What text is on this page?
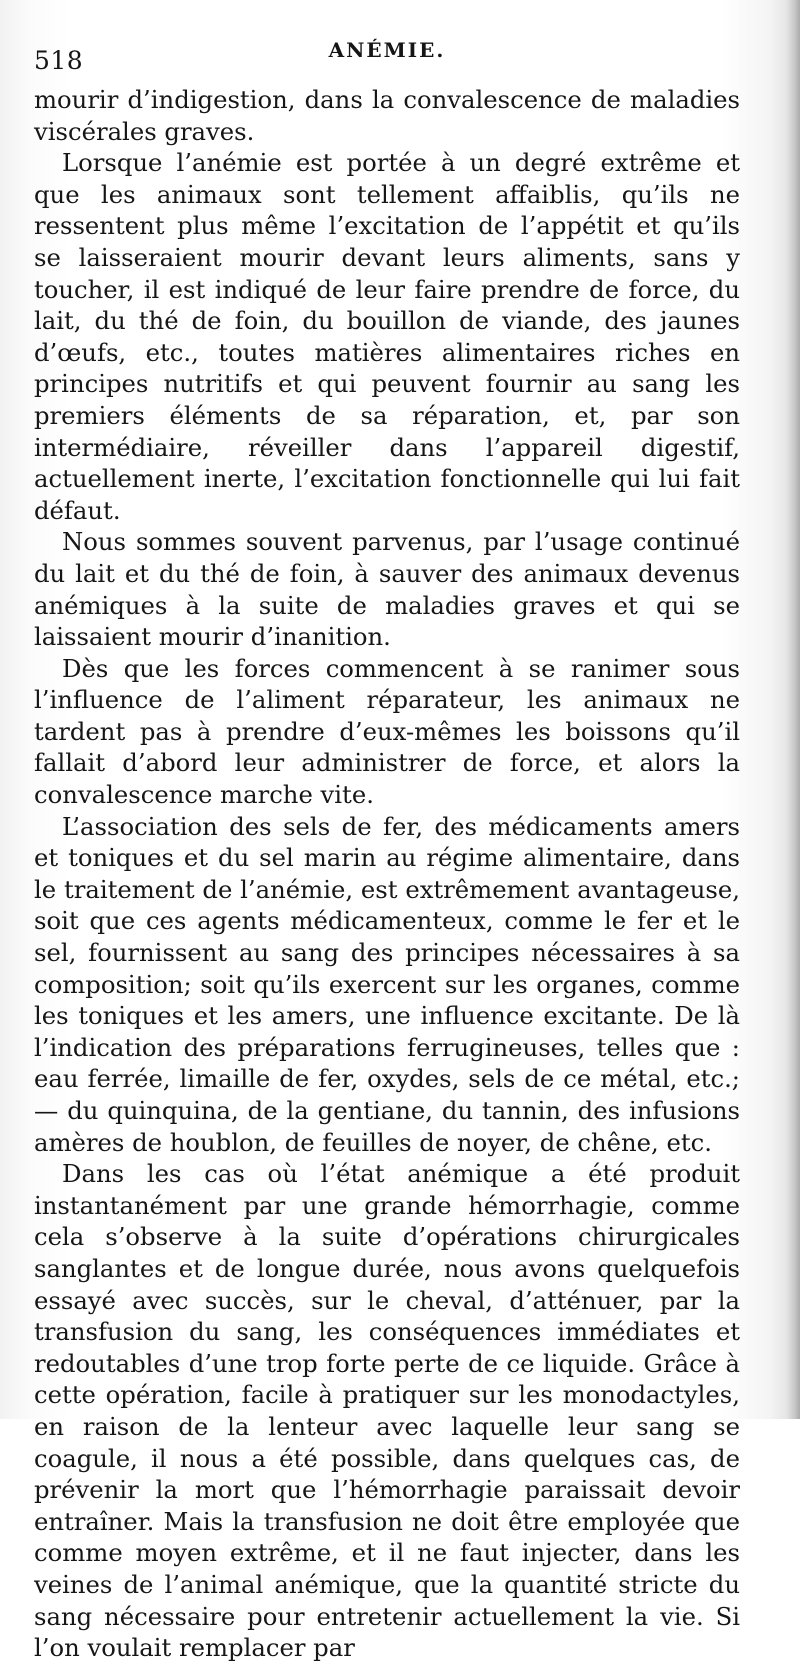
518	ANÉMIE.

mourir d’indigestion, dans la convalescence de maladies viscérales graves.

Lorsque l’anémie est portée à un degré extrême et que les animaux sont tellement affaiblis, qu’ils ne ressentent plus même l’excitation de l’appétit et qu’ils se laisseraient mourir devant leurs aliments, sans y toucher, il est indiqué de leur faire prendre de force, du lait, du thé de foin, du bouillon de viande, des jaunes d’œufs, etc., toutes matières alimentaires riches en principes nutritifs et qui peuvent fournir au sang les premiers éléments de sa réparation, et, par son intermédiaire, réveiller dans l’appareil digestif, actuellement inerte, l’excitation fonctionnelle qui lui fait défaut.

Nous sommes souvent parvenus, par l’usage continué du lait et du thé de foin, à sauver des animaux devenus anémiques à la suite de maladies graves et qui se laissaient mourir d’inanition.

Dès que les forces commencent à se ranimer sous l’influence de l’aliment réparateur, les animaux ne tardent pas à prendre d’eux-mêmes les boissons qu’il fallait d’abord leur administrer de force, et alors la convalescence marche vite.

L’association des sels de fer, des médicaments amers et toniques et du sel marin au régime alimentaire, dans le traitement de l’anémie, est extrêmement avantageuse, soit que ces agents médicamenteux, comme le fer et le sel, fournissent au sang des principes nécessaires à sa composition; soit qu’ils exercent sur les organes, comme les toniques et les amers, une influence excitante. De là l’indication des préparations ferrugineuses, telles que : eau ferrée, limaille de fer, oxydes, sels de ce métal, etc.; — du quinquina, de la gentiane, du tannin, des infusions amères de houblon, de feuilles de noyer, de chêne, etc.

Dans les cas où l’état anémique a été produit instantanément par une grande hémorrhagie, comme cela s’observe à la suite d’opérations chirurgicales sanglantes et de longue durée, nous avons quelquefois essayé avec succès, sur le cheval, d’atténuer, par la transfusion du sang, les conséquences immédiates et redoutables d’une trop forte perte de ce liquide. Grâce à cette opération, facile à pratiquer sur les monodactyles, en raison de la lenteur avec laquelle leur sang se coagule, il nous a été possible, dans quelques cas, de prévenir la mort que l’hémorrhagie paraissait devoir entraîner. Mais la transfusion ne doit être employée que comme moyen extrême, et il ne faut injecter, dans les veines de l’animal anémique, que la quantité stricte du sang nécessaire pour entretenir actuellement la vie. Si l’on voulait remplacer par
